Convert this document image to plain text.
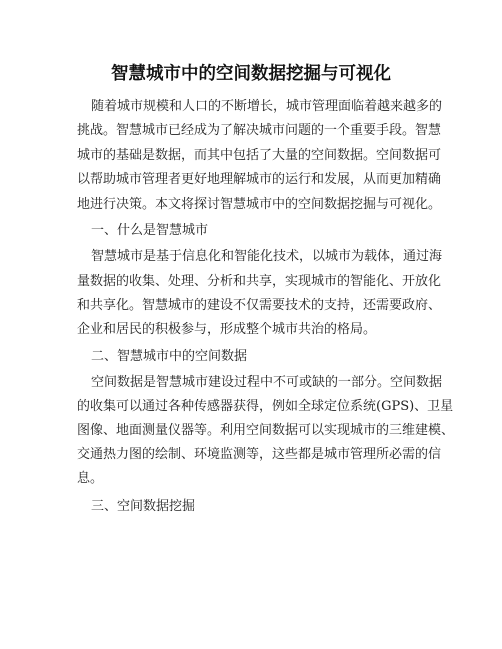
智慧城市中的空间数据挖掘与可视化

随着城市规模和人口的不断增长，城市管理面临着越来越多的

挑战。智慧城市已经成为了解决城市问题的一个重要手段。智慧

城市的基础是数据，而其中包括了大量的空间数据。空间数据可

以帮助城市管理者更好地理解城市的运行和发展，从而更加精确

地进行决策。本文将探讨智慧城市中的空间数据挖掘与可视化。

一、什么是智慧城市

智慧城市是基于信息化和智能化技术，以城市为载体，通过海

量数据的收集、处理、分析和共享，实现城市的智能化、开放化

和共享化。智慧城市的建设不仅需要技术的支持，还需要政府、

企业和居民的积极参与，形成整个城市共治的格局。

二、智慧城市中的空间数据

空间数据是智慧城市建设过程中不可或缺的一部分。空间数据

的收集可以通过各种传感器获得，例如全球定位系统(GPS)、卫星

图像、地面测量仪器等。利用空间数据可以实现城市的三维建模、

交通热力图的绘制、环境监测等，这些都是城市管理所必需的信

息。

三、空间数据挖掘
